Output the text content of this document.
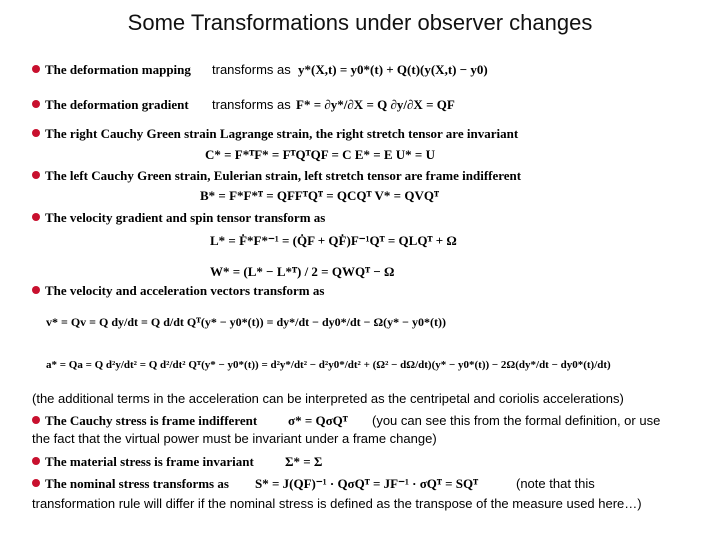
Some Transformations under observer changes
The deformation mapping transforms as y*(X,t) = y0*(t) + Q(t)(y(X,t) − y0)
The deformation gradient transforms as F* = ∂y*/∂X = Q ∂y/∂X = QF
The right Cauchy Green strain Lagrange strain, the right stretch tensor are invariant
C* = F*ᵀF* = FᵀQᵀQF = C E* = E U* = U
The left Cauchy Green strain, Eulerian strain, left stretch tensor are frame indifferent
B* = F*F*ᵀ = QFFᵀQᵀ = QCQᵀ V* = QVQᵀ
The velocity gradient and spin tensor transform as
L* = Ḟ*F*⁻¹ = (Q̇F + QḞ)F⁻¹Qᵀ = QLQᵀ + Ω
W* = (L* − L*ᵀ) / 2 = QWQᵀ − Ω
The velocity and acceleration vectors transform as
v* = Qv = Q dy/dt = Q d/dt Qᵀ(y* − y0*(t)) = dy*/dt − dy0*/dt − Ω(y* − y0*(t))
a* = Qa = Q d²y/dt² = Q d²/dt² Qᵀ(y* − y0*(t)) = d²y*/dt² − d²y0*/dt² + (Ω² − dΩ/dt)(y* − y0*(t)) − 2Ω(dy*/dt − dy0*(t)/dt)
(the additional terms in the acceleration can be interpreted as the centripetal and coriolis accelerations)
The Cauchy stress is frame indifferent σ* = QσQᵀ (you can see this from the formal definition, or use
the fact that the virtual power must be invariant under a frame change)
The material stress is frame invariant Σ* = Σ
The nominal stress transforms as S* = J(QF)⁻¹ · QσQᵀ = JF⁻¹ · σQᵀ = SQᵀ	(note that this
transformation rule will differ if the nominal stress is defined as the transpose of the measure used here…)
